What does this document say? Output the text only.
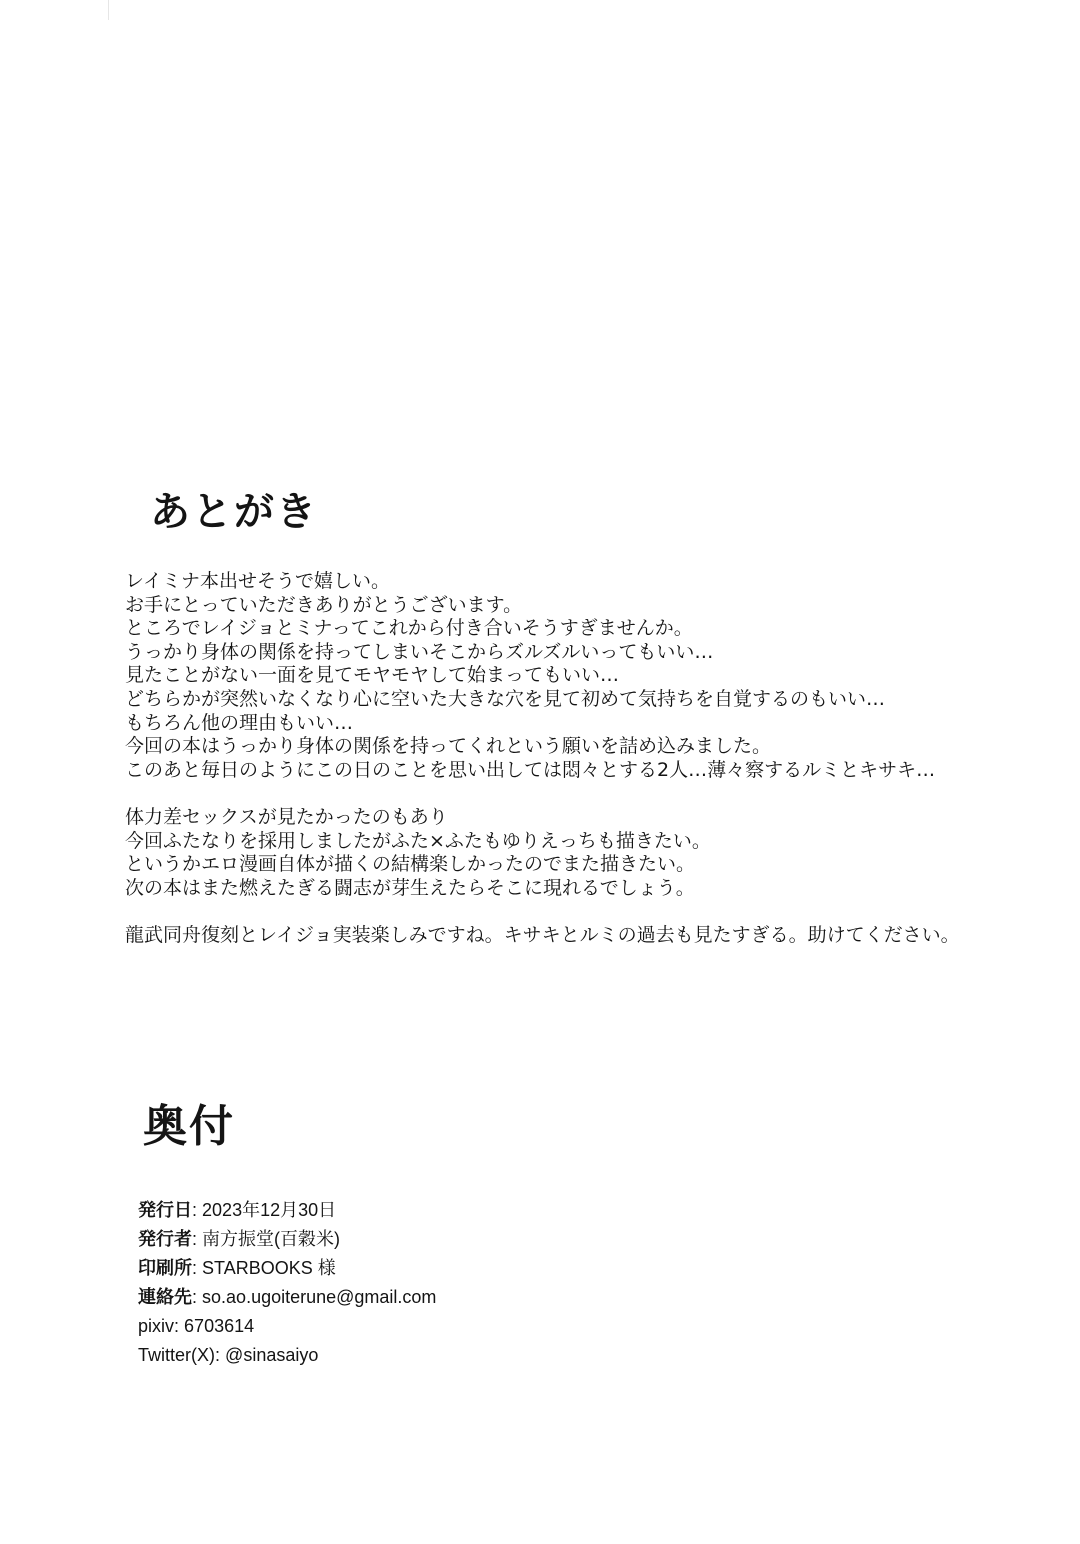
あとがき
レイミナ本出せそうで嬉しい。
お手にとっていただきありがとうございます。
ところでレイジョとミナってこれから付き合いそうすぎませんか。
うっかり身体の関係を持ってしまいそこからズルズルいってもいい…
見たことがない一面を見てモヤモヤして始まってもいい…
どちらかが突然いなくなり心に空いた大きな穴を見て初めて気持ちを自覚するのもいい…
もちろん他の理由もいい…
今回の本はうっかり身体の関係を持ってくれという願いを詰め込みました。
このあと毎日のようにこの日のことを思い出しては悶々とする2人…薄々察するルミとキサキ…
体力差セックスが見たかったのもあり
今回ふたなりを採用しましたがふた×ふたもゆりえっちも描きたい。
というかエロ漫画自体が描くの結構楽しかったのでまた描きたい。
次の本はまた燃えたぎる闘志が芽生えたらそこに現れるでしょう。
龍武同舟復刻とレイジョ実装楽しみですね。キサキとルミの過去も見たすぎる。助けてください。
奥付
発行日: 2023年12月30日
発行者: 南方振堂(百穀米)
印刷所: STARBOOKS 様
連絡先: so.ao.ugoiterune@gmail.com
pixiv: 6703614
Twitter(X): @sinasaiyo
